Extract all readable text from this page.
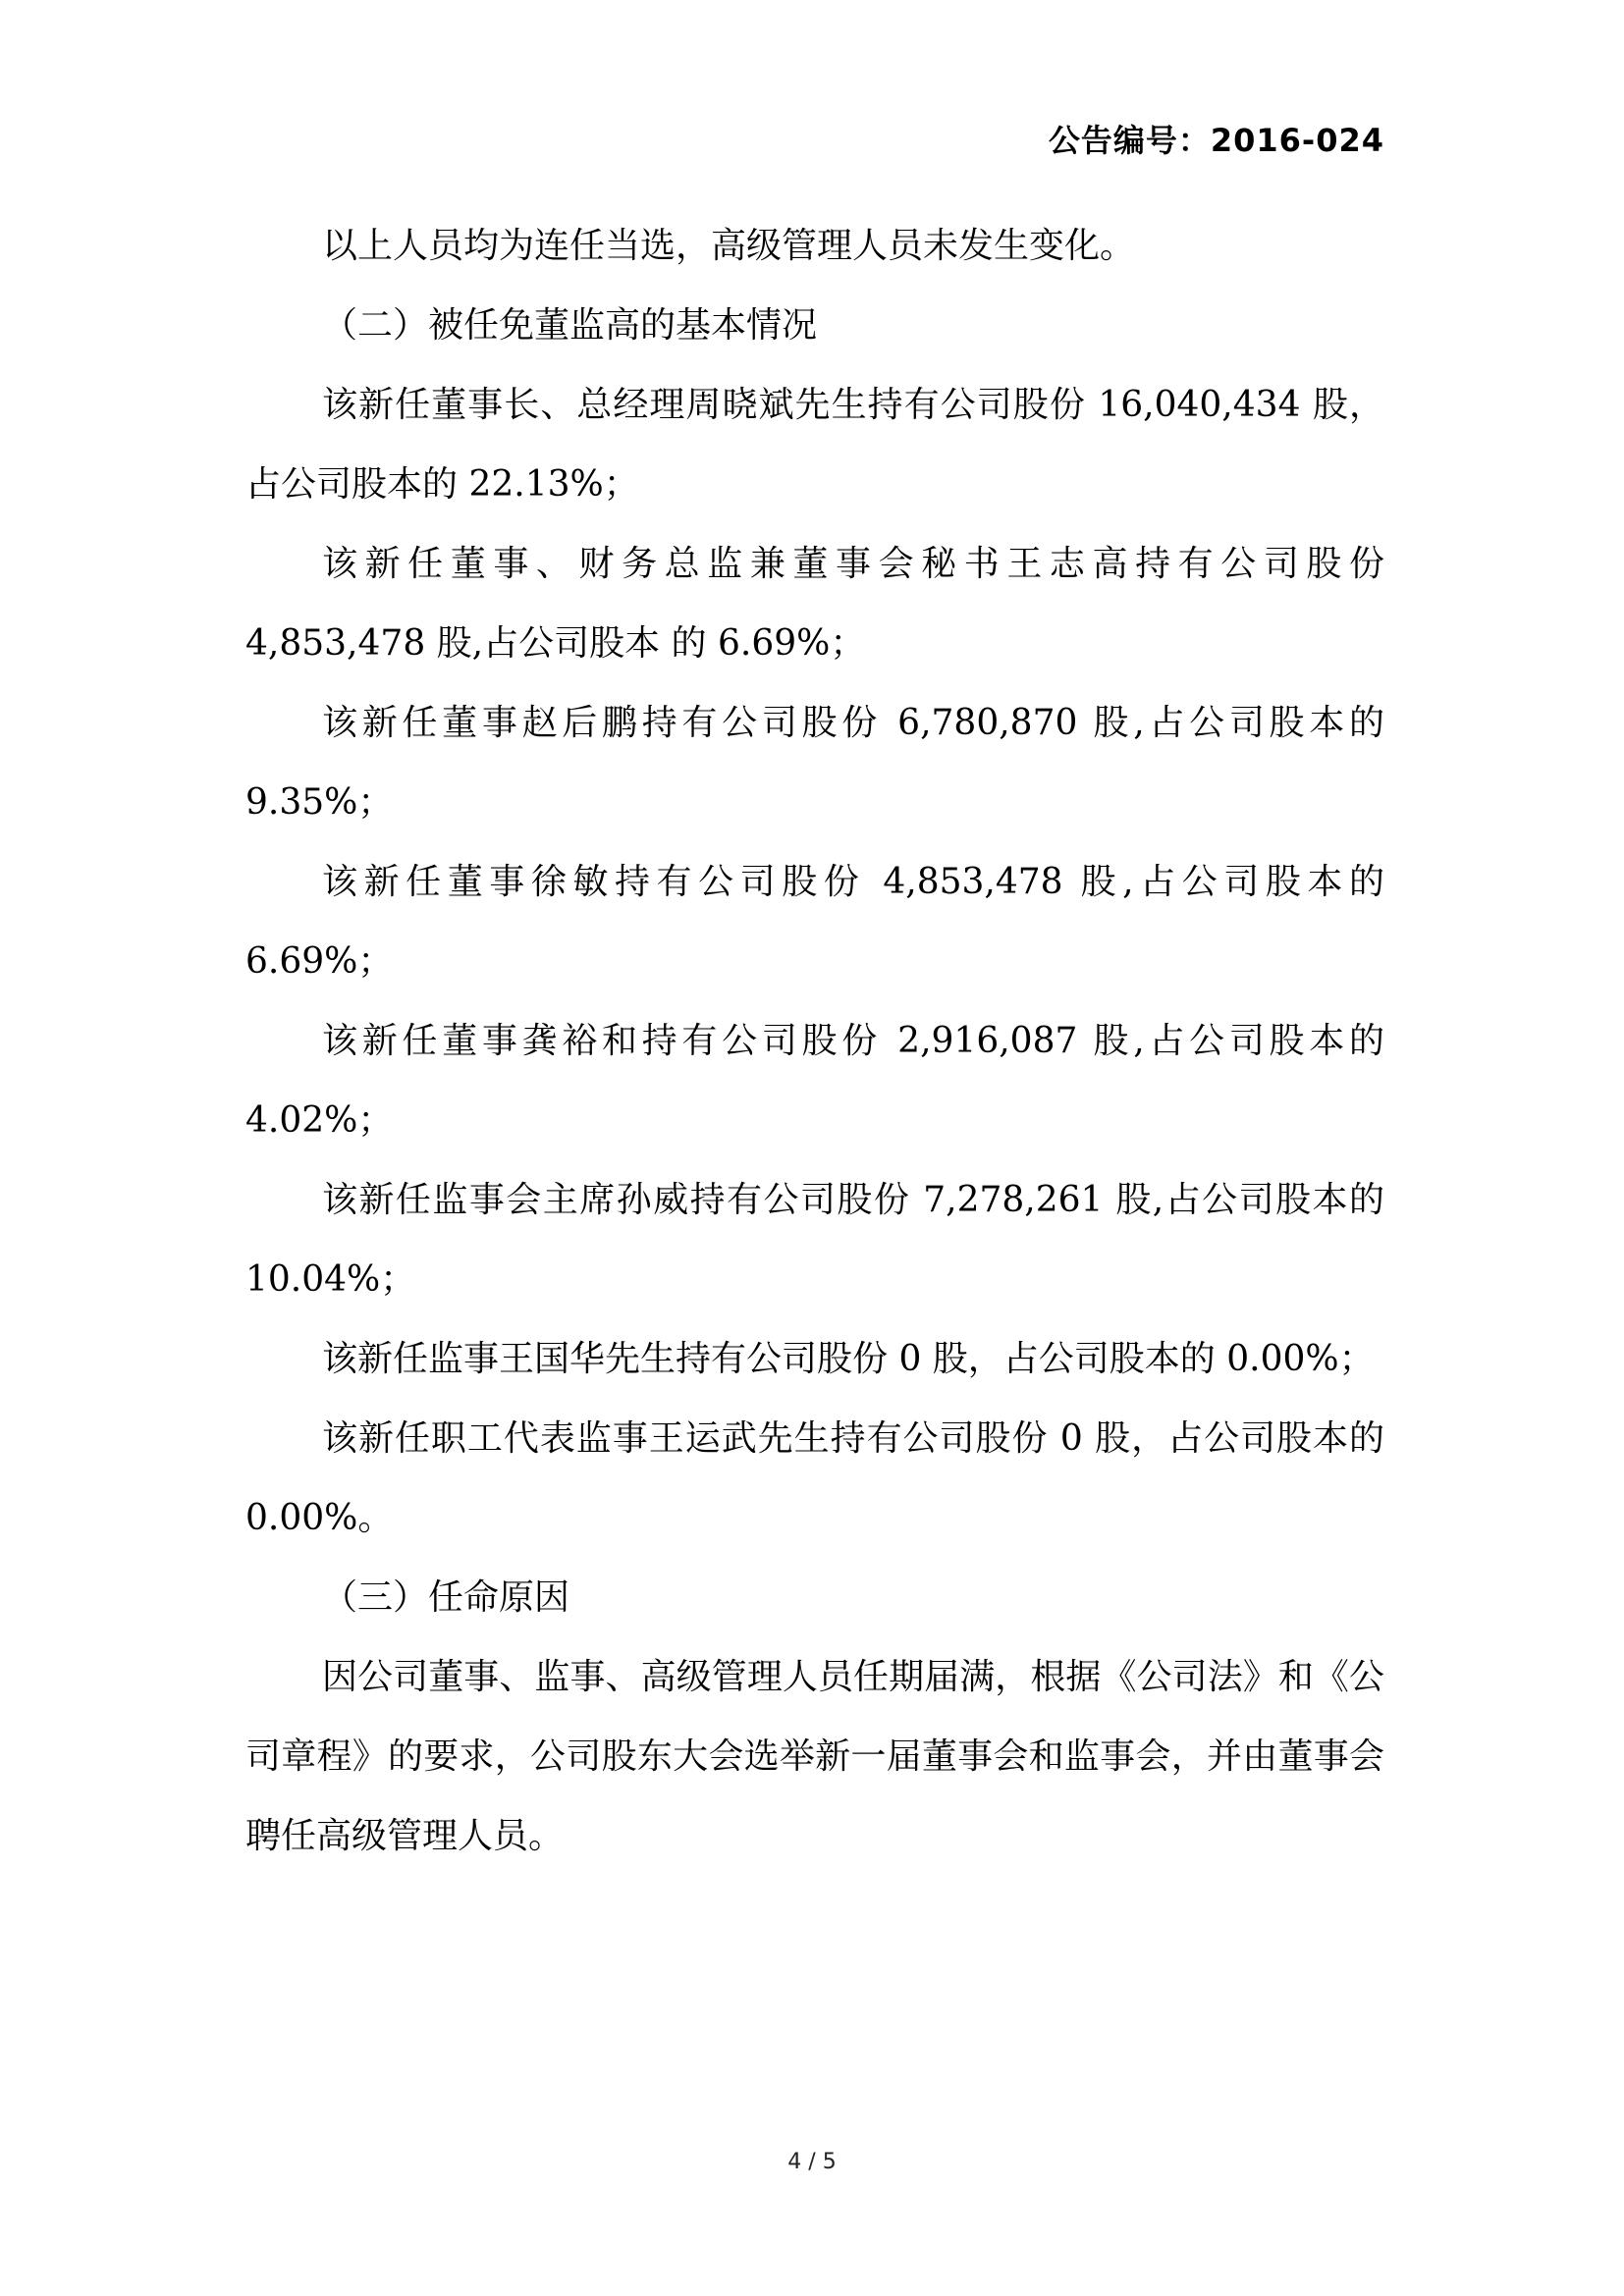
公告编号：2016-024

以上人员均为连任当选，高级管理人员未发生变化。

（二）被任免董监高的基本情况

该新任董事长、总经理周晓斌先生持有公司股份 16,040,434 股，占公司股本的 22.13%；

该新任董事、财务总监兼董事会秘书王志高持有公司股份 4,853,478 股,占公司股本 的 6.69%；

该新任董事赵后鹏持有公司股份 6,780,870 股,占公司股本的 9.35%；

该新任董事徐敏持有公司股份 4,853,478 股,占公司股本的 6.69%；

该新任董事龚裕和持有公司股份 2,916,087 股,占公司股本的 4.02%；

该新任监事会主席孙威持有公司股份 7,278,261 股,占公司股本的 10.04%；

该新任监事王国华先生持有公司股份 0 股，占公司股本的 0.00%；

该新任职工代表监事王运武先生持有公司股份 0 股，占公司股本的 0.00%。

（三）任命原因

因公司董事、监事、高级管理人员任期届满，根据《公司法》和《公司章程》的要求，公司股东大会选举新一届董事会和监事会，并由董事会聘任高级管理人员。

4 / 5
